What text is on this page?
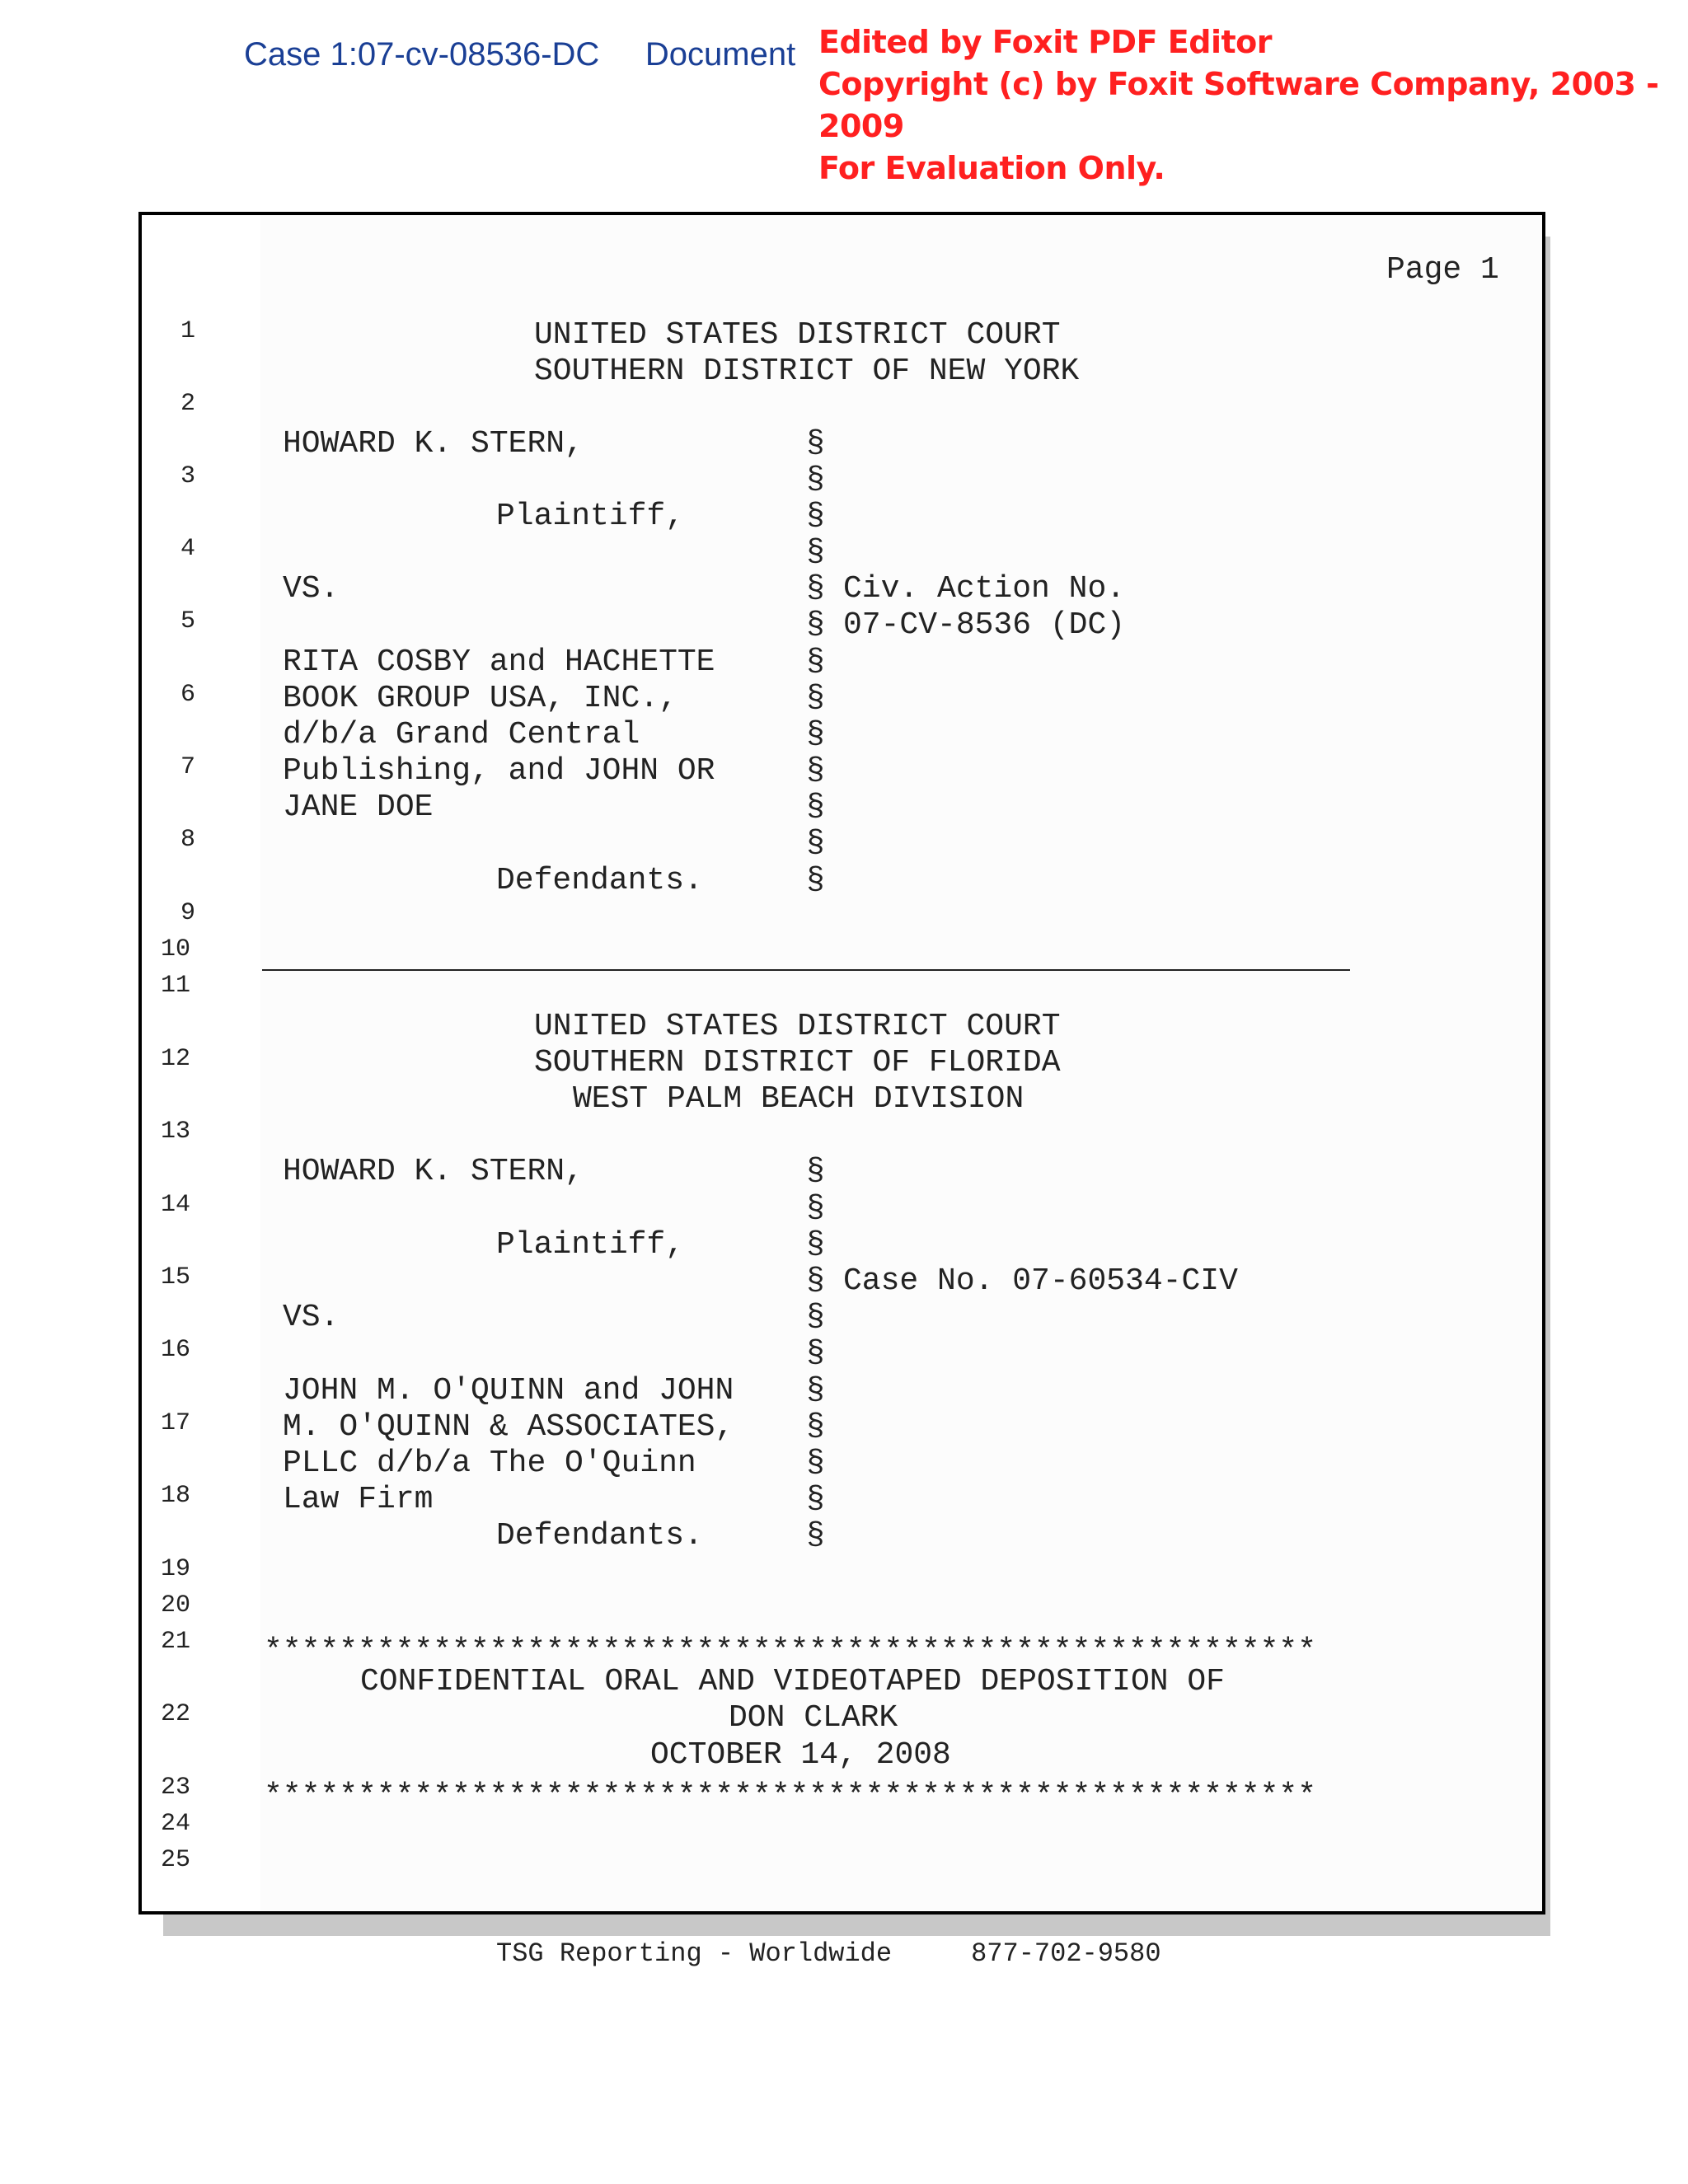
Case 1:07-cv-08536-DC Document Edited by Foxit PDF Editor
Copyright (c) by Foxit Software Company, 2003 - 2009
For Evaluation Only.
Page 1
1
2
3
4
5
6
7
8
9
10
11
12
13
14
15
16
17
18
19
20
21
22
23
24
25
UNITED STATES DISTRICT COURT
SOUTHERN DISTRICT OF NEW YORK
HOWARD K. STERN,
Plaintiff,
VS.	Civ. Action No.
07-CV-8536 (DC)
RITA COSBY and HACHETTE
BOOK GROUP USA, INC.,
d/b/a Grand Central
Publishing, and JOHN OR
JANE DOE
Defendants.
§
§
§
§
§
§
§
§
§
§
§
§
§
UNITED STATES DISTRICT COURT
SOUTHERN DISTRICT OF FLORIDA
WEST PALM BEACH DIVISION
HOWARD K. STERN,
Plaintiff,
Case No. 07-60534-CIV
VS.
JOHN M. O'QUINN and JOHN
M. O'QUINN & ASSOCIATES,
PLLC d/b/a The O'Quinn
Law Firm
Defendants.
§
§
§
§
§
§
§
§
§
§
§
********************************************************
CONFIDENTIAL ORAL AND VIDEOTAPED DEPOSITION OF
DON CLARK
OCTOBER 14, 2008
********************************************************
TSG Reporting - Worldwide	877-702-9580
